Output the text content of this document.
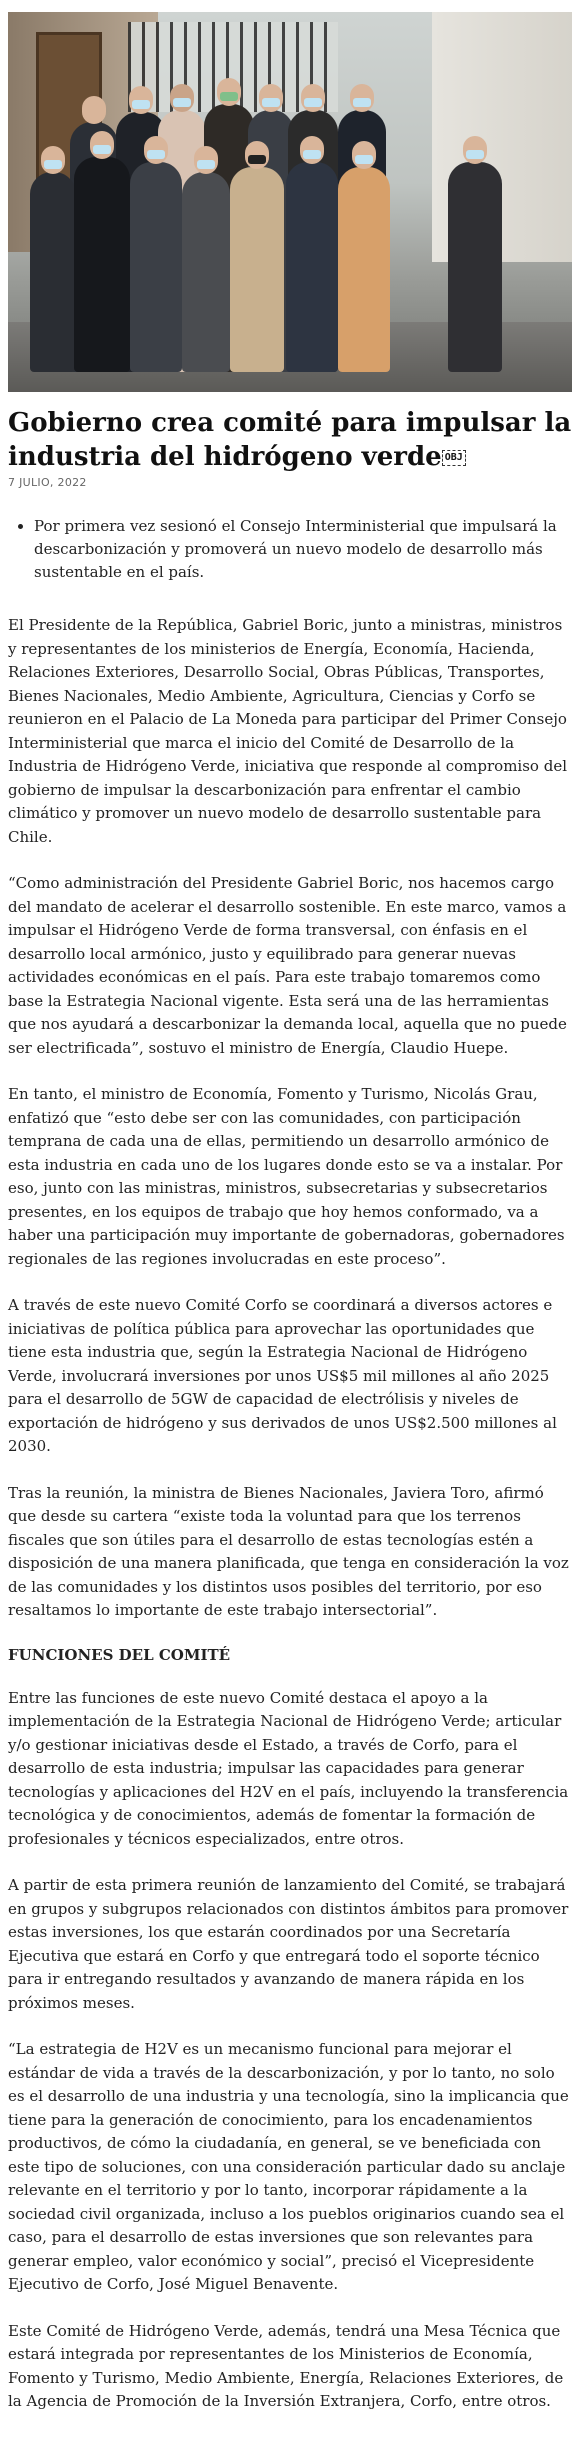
Gobierno crea comité para impulsar la industria del hidrógeno verde OBJ
7 JULIO, 2022
• Por primera vez sesionó el Consejo Interministerial que impulsará la descarbonización y promoverá un nuevo modelo de desarrollo más sustentable en el país.

El Presidente de la República, Gabriel Boric, junto a ministras, ministros y representantes de los ministerios de Energía, Economía, Hacienda, Relaciones Exteriores, Desarrollo Social, Obras Públicas, Transportes, Bienes Nacionales, Medio Ambiente, Agricultura, Ciencias y Corfo se reunieron en el Palacio de La Moneda para participar del Primer Consejo Interministerial que marca el inicio del Comité de Desarrollo de la Industria de Hidrógeno Verde, iniciativa que responde al compromiso del gobierno de impulsar la descarbonización para enfrentar el cambio climático y promover un nuevo modelo de desarrollo sustentable para Chile.

“Como administración del Presidente Gabriel Boric, nos hacemos cargo del mandato de acelerar el desarrollo sostenible. En este marco, vamos a impulsar el Hidrógeno Verde de forma transversal, con énfasis en el desarrollo local armónico, justo y equilibrado para generar nuevas actividades económicas en el país. Para este trabajo tomaremos como base la Estrategia Nacional vigente. Esta será una de las herramientas que nos ayudará a descarbonizar la demanda local, aquella que no puede ser electrificada”, sostuvo el ministro de Energía, Claudio Huepe.

En tanto, el ministro de Economía, Fomento y Turismo, Nicolás Grau, enfatizó que “esto debe ser con las comunidades, con participación temprana de cada una de ellas, permitiendo un desarrollo armónico de esta industria en cada uno de los lugares donde esto se va a instalar. Por eso, junto con las ministras, ministros, subsecretarias y subsecretarios presentes, en los equipos de trabajo que hoy hemos conformado, va a haber una participación muy importante de gobernadoras, gobernadores regionales de las regiones involucradas en este proceso”.

A través de este nuevo Comité Corfo se coordinará a diversos actores e iniciativas de política pública para aprovechar las oportunidades que tiene esta industria que, según la Estrategia Nacional de Hidrógeno Verde, involucrará inversiones por unos US$5 mil millones al año 2025 para el desarrollo de 5GW de capacidad de electrólisis y niveles de exportación de hidrógeno y sus derivados de unos US$2.500 millones al 2030.

Tras la reunión, la ministra de Bienes Nacionales, Javiera Toro, afirmó que desde su cartera “existe toda la voluntad para que los terrenos fiscales que son útiles para el desarrollo de estas tecnologías estén a disposición de una manera planificada, que tenga en consideración la voz de las comunidades y los distintos usos posibles del territorio, por eso resaltamos lo importante de este trabajo intersectorial”.

FUNCIONES DEL COMITÉ

Entre las funciones de este nuevo Comité destaca el apoyo a la implementación de la Estrategia Nacional de Hidrógeno Verde; articular y/o gestionar iniciativas desde el Estado, a través de Corfo, para el desarrollo de esta industria; impulsar las capacidades para generar tecnologías y aplicaciones del H2V en el país, incluyendo la transferencia tecnológica y de conocimientos, además de fomentar la formación de profesionales y técnicos especializados, entre otros.

A partir de esta primera reunión de lanzamiento del Comité, se trabajará en grupos y subgrupos relacionados con distintos ámbitos para promover estas inversiones, los que estarán coordinados por una Secretaría Ejecutiva que estará en Corfo y que entregará todo el soporte técnico para ir entregando resultados y avanzando de manera rápida en los próximos meses.

“La estrategia de H2V es un mecanismo funcional para mejorar el estándar de vida a través de la descarbonización, y por lo tanto, no solo es el desarrollo de una industria y una tecnología, sino la implicancia que tiene para la generación de conocimiento, para los encadenamientos productivos, de cómo la ciudadanía, en general, se ve beneficiada con este tipo de soluciones, con una consideración particular dado su anclaje relevante en el territorio y por lo tanto, incorporar rápidamente a la sociedad civil organizada, incluso a los pueblos originarios cuando sea el caso, para el desarrollo de estas inversiones que son relevantes para generar empleo, valor económico y social”, precisó el Vicepresidente Ejecutivo de Corfo, José Miguel Benavente.

Este Comité de Hidrógeno Verde, además, tendrá una Mesa Técnica que estará integrada por representantes de los Ministerios de Economía, Fomento y Turismo, Medio Ambiente, Energía, Relaciones Exteriores, de la Agencia de Promoción de la Inversión Extranjera, Corfo, entre otros.
